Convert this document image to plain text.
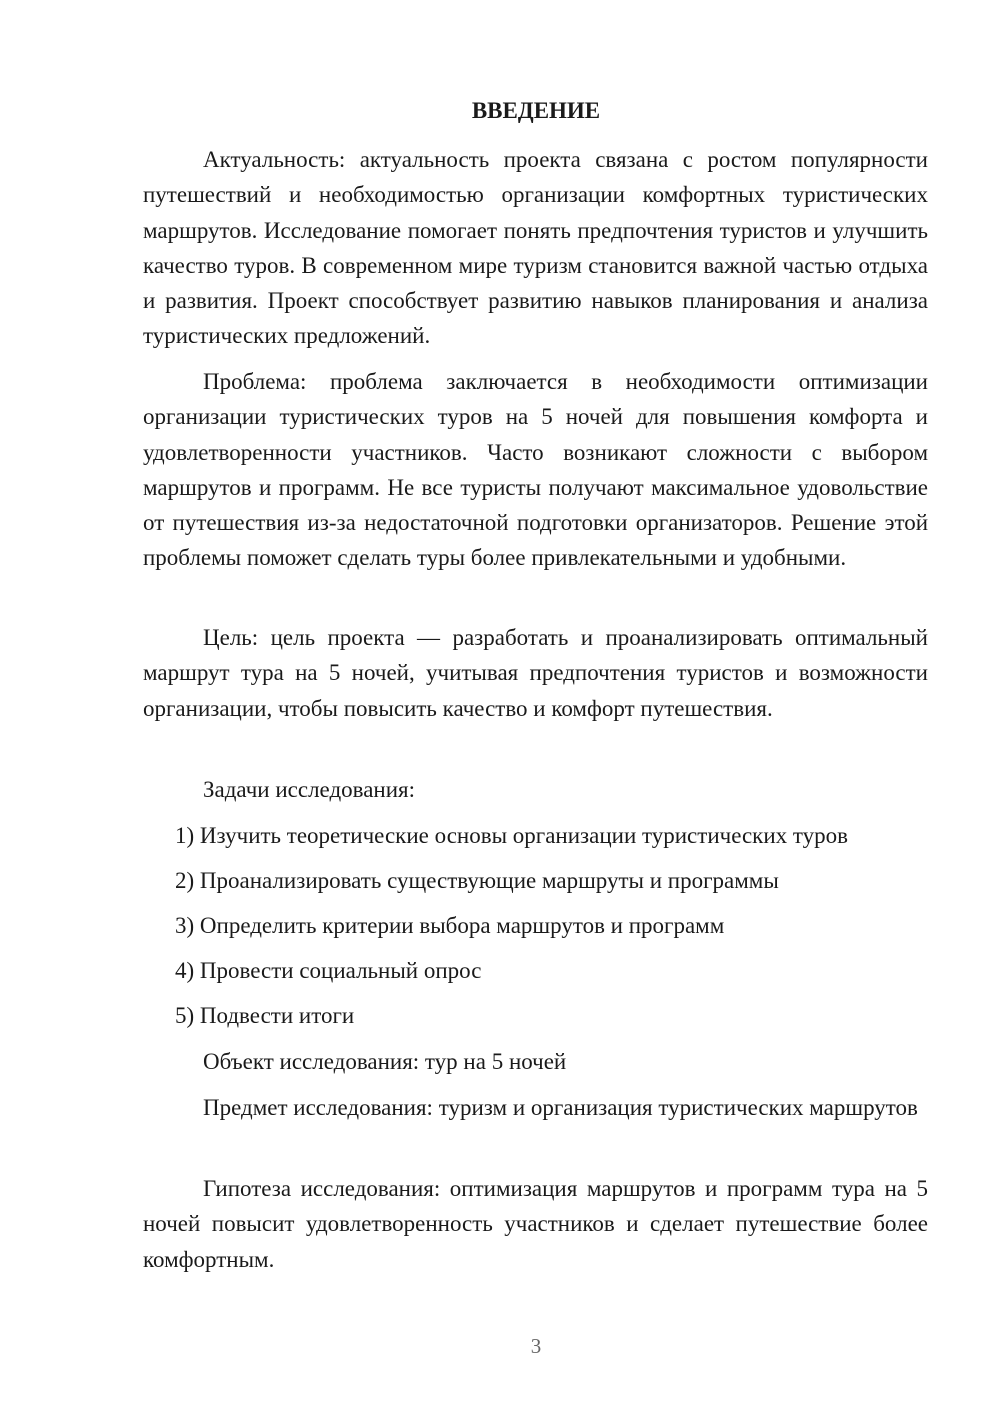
ВВЕДЕНИЕ

Актуальность: актуальность проекта связана с ростом популярности путешествий и необходимостью организации комфортных туристических маршрутов. Исследование помогает понять предпочтения туристов и улучшить качество туров. В современном мире туризм становится важной частью отдыха и развития. Проект способствует развитию навыков планирования и анализа туристических предложений.

Проблема: проблема заключается в необходимости оптимизации организации туристических туров на 5 ночей для повышения комфорта и удовлетворенности участников. Часто возникают сложности с выбором маршрутов и программ. Не все туристы получают максимальное удовольствие от путешествия из-за недостаточной подготовки организаторов. Решение этой проблемы поможет сделать туры более привлекательными и удобными.

Цель: цель проекта — разработать и проанализировать оптимальный маршрут тура на 5 ночей, учитывая предпочтения туристов и возможности организации, чтобы повысить качество и комфорт путешествия.

Задачи исследования:

1) Изучить теоретические основы организации туристических туров

2) Проанализировать существующие маршруты и программы

3) Определить критерии выбора маршрутов и программ

4) Провести социальный опрос

5) Подвести итоги

Объект исследования: тур на 5 ночей

Предмет исследования: туризм и организация туристических маршрутов

Гипотеза исследования: оптимизация маршрутов и программ тура на 5 ночей повысит удовлетворенность участников и сделает путешествие более комфортным.

3
